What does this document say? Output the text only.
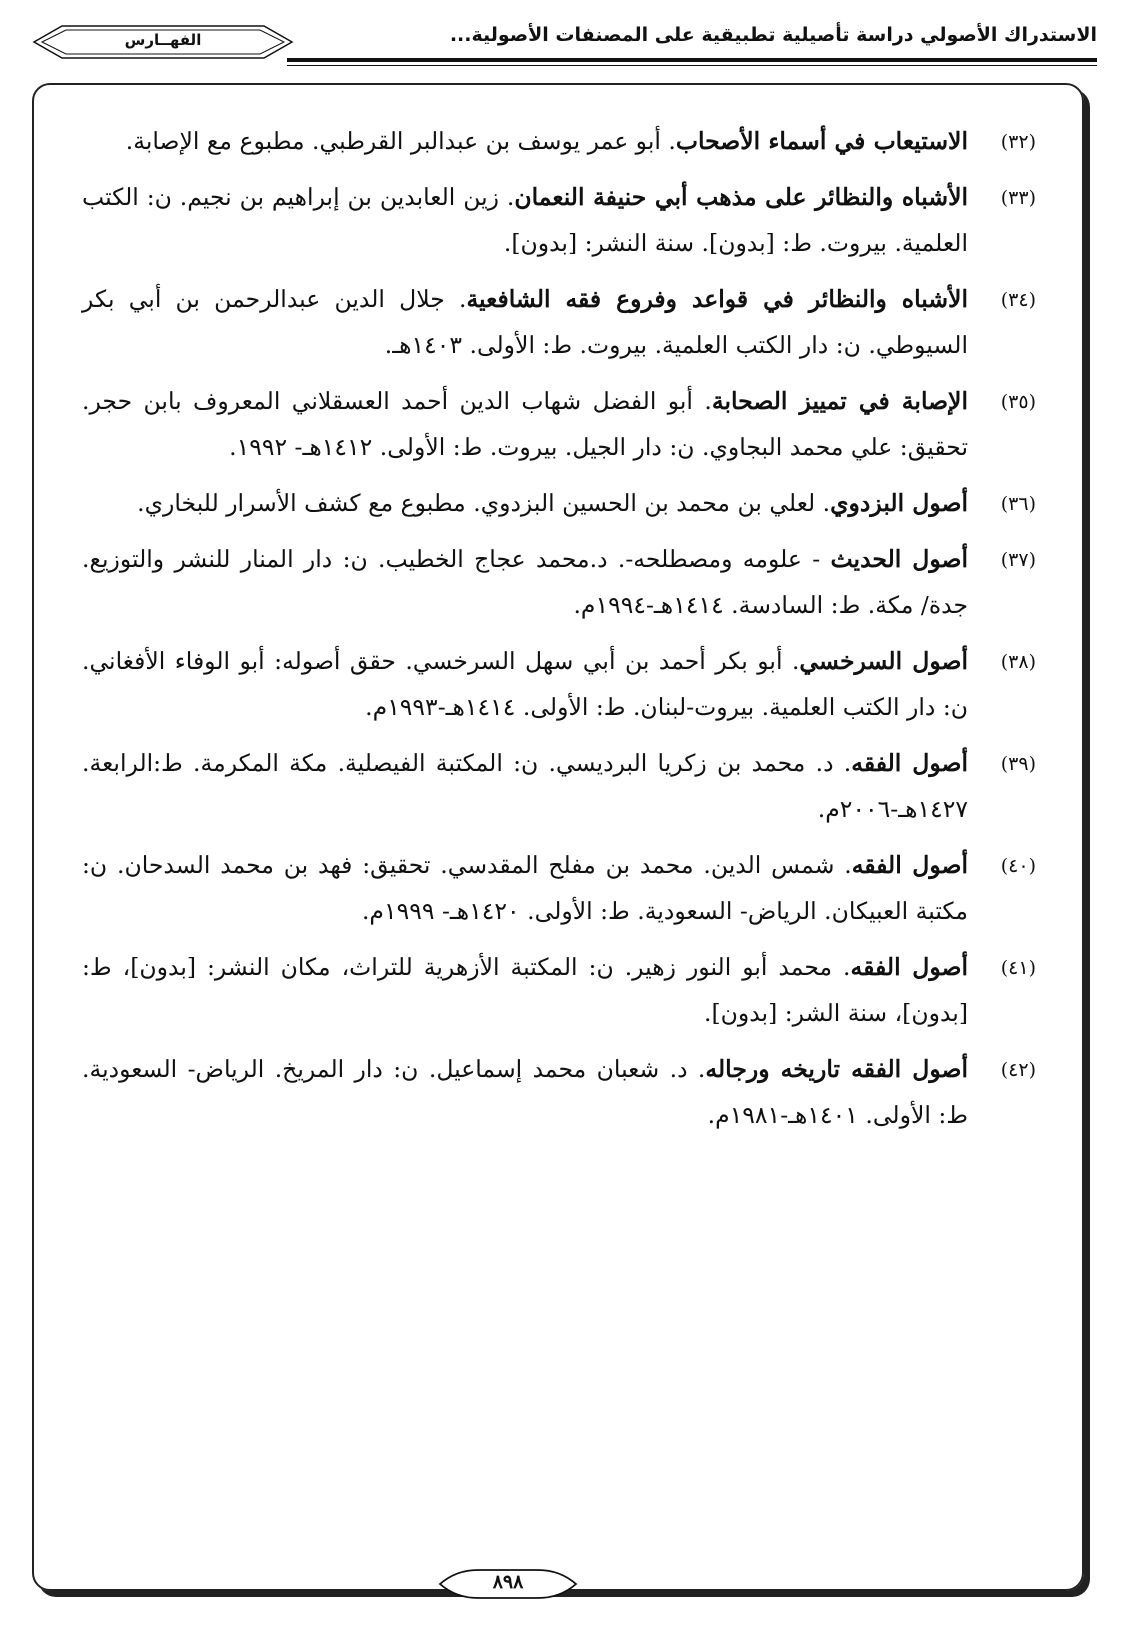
الاستدراك الأصولي دراسة تأصيلية تطبيقية على المصنفات الأصولية...
الفهــارس
(٣٢)
الاستيعاب في أسماء الأصحاب. أبو عمر يوسف بن عبدالبر القرطبي. مطبوع مع الإصابة.
(٣٣)
الأشباه والنظائر على مذهب أبي حنيفة النعمان. زين العابدين بن إبراهيم بن نجيم. ن: الكتب العلمية. بيروت. ط: [بدون]. سنة النشر: [بدون].
(٣٤)
الأشباه والنظائر في قواعد وفروع فقه الشافعية. جلال الدين عبدالرحمن بن أبي بكر السيوطي. ن: دار الكتب العلمية. بيروت. ط: الأولى. ١٤٠٣هـ.
(٣٥)
الإصابة في تمييز الصحابة. أبو الفضل شهاب الدين أحمد العسقلاني المعروف بابن حجر. تحقيق: علي محمد البجاوي. ن: دار الجيل. بيروت. ط: الأولى. ١٤١٢هـ- ١٩٩٢.
(٣٦)
أصول البزدوي. لعلي بن محمد بن الحسين البزدوي. مطبوع مع كشف الأسرار للبخاري.
(٣٧)
أصول الحديث - علومه ومصطلحه-. د.محمد عجاج الخطيب. ن: دار المنار للنشر والتوزيع. جدة/ مكة. ط: السادسة. ١٤١٤هـ-١٩٩٤م.
(٣٨)
أصول السرخسي. أبو بكر أحمد بن أبي سهل السرخسي. حقق أصوله: أبو الوفاء الأفغاني. ن: دار الكتب العلمية. بيروت-لبنان. ط: الأولى. ١٤١٤هـ-١٩٩٣م.
(٣٩)
أصول الفقه. د. محمد بن زكريا البرديسي. ن: المكتبة الفيصلية. مكة المكرمة. ط:الرابعة. ١٤٢٧هـ-٢٠٠٦م.
(٤٠)
أصول الفقه. شمس الدين. محمد بن مفلح المقدسي. تحقيق: فهد بن محمد السدحان. ن: مكتبة العبيكان. الرياض- السعودية. ط: الأولى. ١٤٢٠هـ- ١٩٩٩م.
(٤١)
أصول الفقه. محمد أبو النور زهير. ن: المكتبة الأزهرية للتراث، مكان النشر: [بدون]، ط: [بدون]، سنة الشر: [بدون].
(٤٢)
أصول الفقه تاريخه ورجاله. د. شعبان محمد إسماعيل. ن: دار المريخ. الرياض- السعودية. ط: الأولى. ١٤٠١هـ-١٩٨١م.
٨٩٨
